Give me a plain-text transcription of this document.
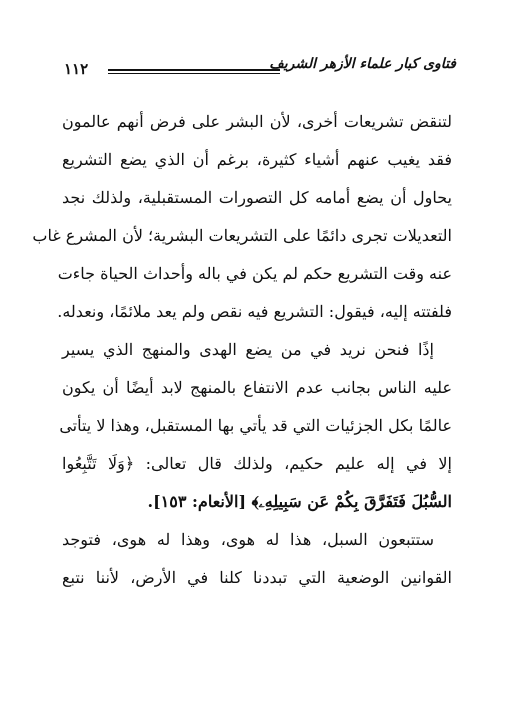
١١٢	فتاوى كبار علماء الأزهر الشريف
لتنقض تشريعات أخرى، لأن البشر على فرض أنهم عالمون
فقد يغيب عنهم أشياء كثيرة، برغم أن الذي يضع التشريع
يحاول أن يضع أمامه كل التصورات المستقبلية، ولذلك نجد
التعديلات تجرى دائمًا على التشريعات البشرية؛ لأن المشرع غاب
عنه وقت التشريع حكم لم يكن في باله وأحداث الحياة جاءت
فلفتته إليه، فيقول: التشريع فيه نقص ولم يعد ملائمًا، ونعدله.
إذًا فنحن نريد في من يضع الهدى والمنهج الذي يسير
عليه الناس بجانب عدم الانتفاع بالمنهج لابد أيضًا أن يكون
عالمًا بكل الجزئيات التي قد يأتي بها المستقبل، وهذا لا يتأتى
إلا في إله عليم حكيم، ولذلك قال تعالى: ﴿وَلَا تَتَّبِعُوا
السُّبُلَ فَتَفَرَّقَ بِكُمْ عَن سَبِيلِهِۦ﴾ [الأنعام: ١٥٣].
ستتبعون السبل، هذا له هوى، وهذا له هوى، فتوجد
القوانين الوضعية التي تبددنا كلنا في الأرض، لأننا نتبع
